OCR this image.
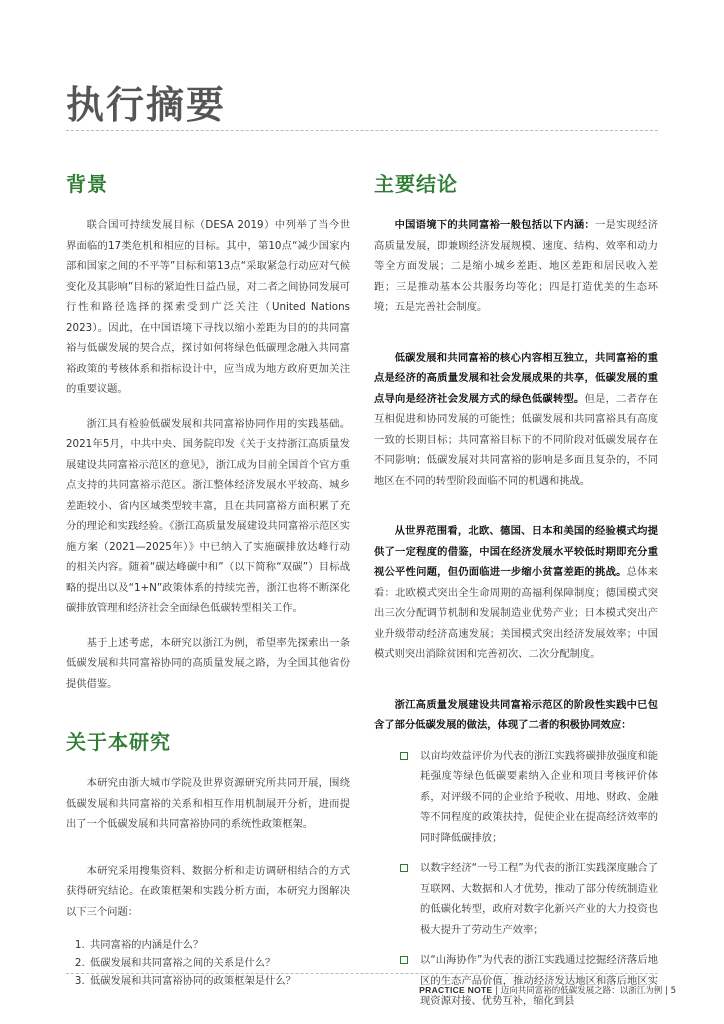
执行摘要
背景

联合国可持续发展目标（DESA 2019）中列举了当今世界面临的17类危机和相应的目标。其中，第10点“减少国家内部和国家之间的不平等”目标和第13点“采取紧急行动应对气候变化及其影响”目标的紧迫性日益凸显，对二者之间协同发展可行性和路径选择的探索受到广泛关注（United Nations 2023）。因此，在中国语境下寻找以缩小差距为目的的共同富裕与低碳发展的契合点，探讨如何将绿色低碳理念融入共同富裕政策的考核体系和指标设计中，应当成为地方政府更加关注的重要议题。

浙江具有检验低碳发展和共同富裕协同作用的实践基础。2021年5月，中共中央、国务院印发《关于支持浙江高质量发展建设共同富裕示范区的意见》，浙江成为目前全国首个官方重点支持的共同富裕示范区。浙江整体经济发展水平较高、城乡差距较小、省内区域类型较丰富，且在共同富裕方面积累了充分的理论和实践经验。《浙江高质量发展建设共同富裕示范区实施方案（2021—2025年）》中已纳入了实施碳排放达峰行动的相关内容。随着“碳达峰碳中和”（以下简称“双碳”）目标战略的提出以及“1+N”政策体系的持续完善，浙江也将不断深化碳排放管理和经济社会全面绿色低碳转型相关工作。

基于上述考虑，本研究以浙江为例，希望率先探索出一条低碳发展和共同富裕协同的高质量发展之路，为全国其他省份提供借鉴。

关于本研究

本研究由浙大城市学院及世界资源研究所共同开展，围绕低碳发展和共同富裕的关系和相互作用机制展开分析，进而提出了一个低碳发展和共同富裕协同的系统性政策框架。

本研究采用搜集资料、数据分析和走访调研相结合的方式获得研究结论。在政策框架和实践分析方面，本研究力图解决以下三个问题：

1. 共同富裕的内涵是什么？
2. 低碳发展和共同富裕之间的关系是什么？
3. 低碳发展和共同富裕协同的政策框架是什么？
主要结论

中国语境下的共同富裕一般包括以下内涵：一是实现经济高质量发展，即兼顾经济发展规模、速度、结构、效率和动力等全方面发展；二是缩小城乡差距、地区差距和居民收入差距；三是推动基本公共服务均等化；四是打造优美的生态环境；五是完善社会制度。

低碳发展和共同富裕的核心内容相互独立，共同富裕的重点是经济的高质量发展和社会发展成果的共享，低碳发展的重点导向是经济社会发展方式的绿色低碳转型。但是，二者存在互相促进和协同发展的可能性；低碳发展和共同富裕具有高度一致的长期目标；共同富裕目标下的不同阶段对低碳发展存在不同影响；低碳发展对共同富裕的影响是多面且复杂的，不同地区在不同的转型阶段面临不同的机遇和挑战。

从世界范围看，北欧、德国、日本和美国的经验模式均提供了一定程度的借鉴，中国在经济发展水平较低时期即充分重视公平性问题，但仍面临进一步缩小贫富差距的挑战。总体来看：北欧模式突出全生命周期的高福利保障制度；德国模式突出三次分配调节机制和发展制造业优势产业；日本模式突出产业升级带动经济高速发展；美国模式突出经济发展效率；中国模式则突出消除贫困和完善初次、二次分配制度。

浙江高质量发展建设共同富裕示范区的阶段性实践中已包含了部分低碳发展的做法，体现了二者的积极协同效应：

以亩均效益评价为代表的浙江实践将碳排放强度和能耗强度等绿色低碳要素纳入企业和项目考核评价体系，对评级不同的企业给予税收、用地、财政、金融等不同程度的政策扶持，促使企业在提高经济效率的同时降低碳排放；
以数字经济“一号工程”为代表的浙江实践深度融合了互联网、大数据和人才优势，推动了部分传统制造业的低碳化转型，政府对数字化新兴产业的大力投资也极大提升了劳动生产效率；
以“山海协作”为代表的浙江实践通过挖掘经济落后地区的生态产品价值，推动经济发达地区和落后地区实现资源对接、优势互补，缩化到县
PRACTICE NOTE | 迈向共同富裕的低碳发展之路：以浙江为例 | 5
